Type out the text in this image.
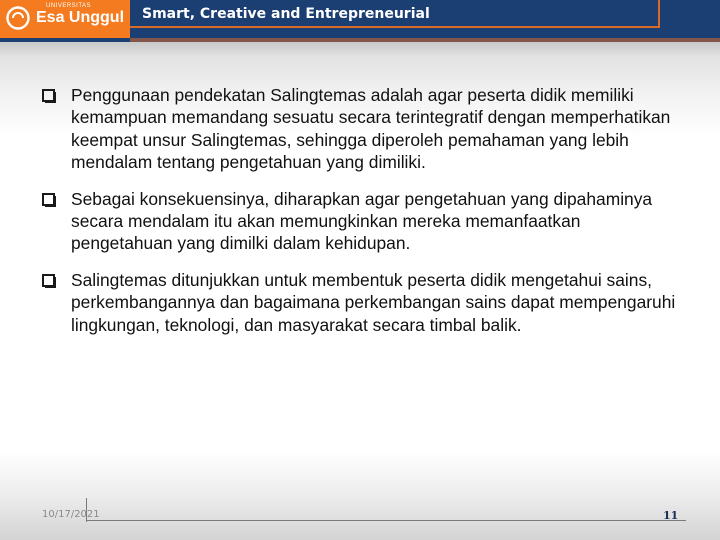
UNIVERSITAS
Esa Unggul Smart, Creative and Entrepreneurial
Penggunaan pendekatan Salingtemas adalah agar peserta didik memiliki kemampuan memandang sesuatu secara terintegratif dengan memperhatikan keempat unsur Salingtemas, sehingga diperoleh pemahaman yang lebih mendalam tentang pengetahuan yang dimiliki.
Sebagai konsekuensinya, diharapkan agar pengetahuan yang dipahaminya secara mendalam itu akan memungkinkan mereka memanfaatkan pengetahuan yang dimilki dalam kehidupan.
Salingtemas ditunjukkan untuk membentuk peserta didik mengetahui sains, perkembangannya dan bagaimana perkembangan sains dapat mempengaruhi lingkungan, teknologi, dan masyarakat secara timbal balik.
10/17/2021	11
